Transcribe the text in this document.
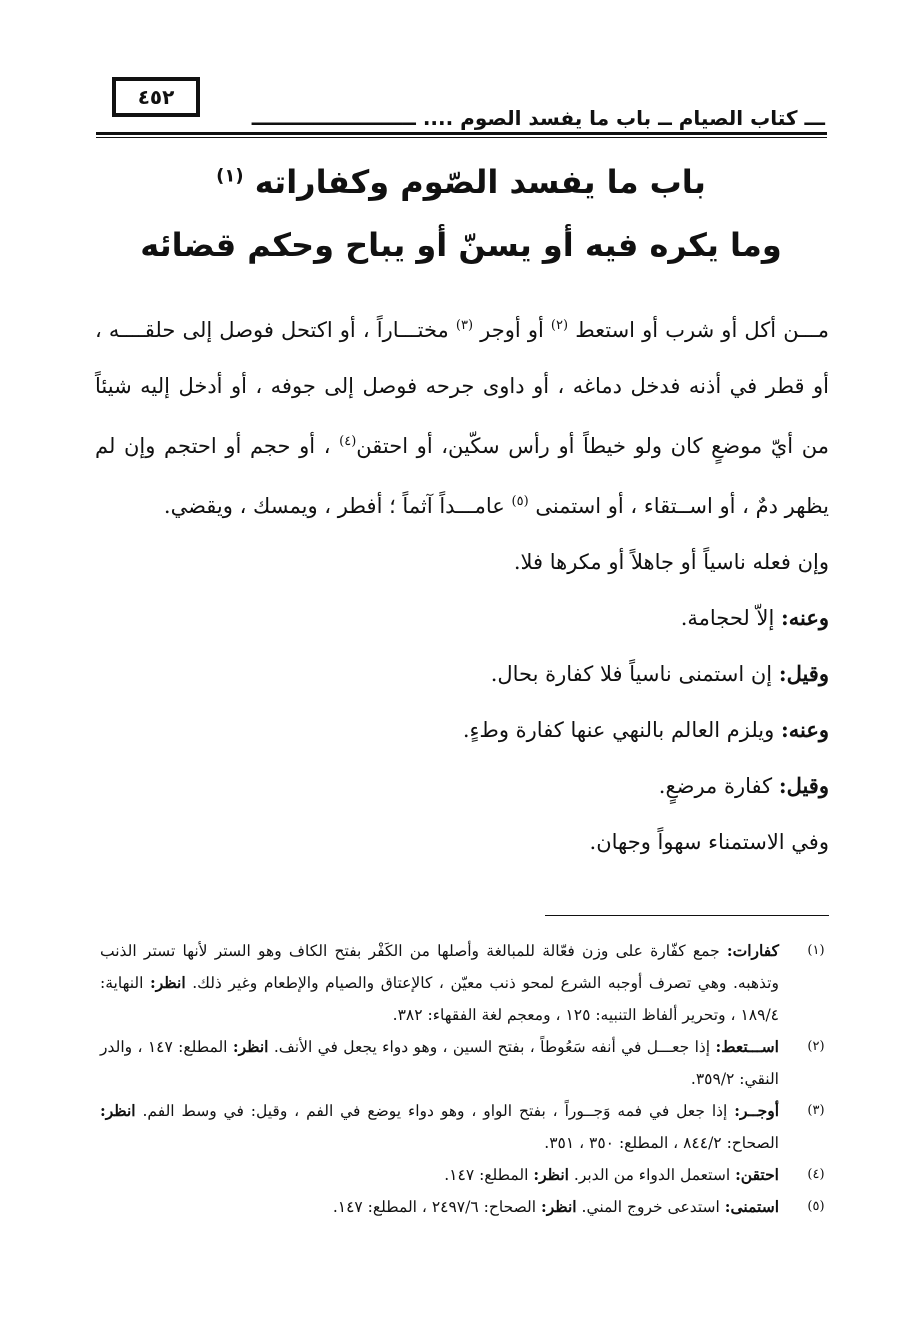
٤٥٢
ـــ كتاب الصيام ــ باب ما يفسد الصوم .... ــــــــــــــــــــــــ
باب ما يفسد الصّوم وكفاراته $^{(١)}$
وما يكره فيه أو يسنّ أو يباح وحكم قضائه

مـــن أكل أو شرب أو استعط $^{(٢)}$ أو أوجر $^{(٣)}$ مختـــاراً ، أو اكتحل فوصل إلى حلقــــه ، أو قطر في أذنه فدخل دماغه ، أو داوى جرحه فوصل إلى جوفه ، أو أدخل إليه شيئاً من أيّ موضعٍ كان ولو خيطاً أو رأس سكّين، أو احتقن$^{(٤)}$ ، أو حجم أو احتجم وإن لم يظهر دمٌ ، أو اســتقاء ، أو استمنى $^{(٥)}$ عامـــداً آثماً ؛ أفطر ، ويمسك ، ويقضي.

وإن فعله ناسياً أو جاهلاً أو مكرها فلا.

وعنه: إلاّ لحجامة.

وقيل: إن استمنى ناسياً فلا كفارة بحال.

وعنه: ويلزم العالم بالنهي عنها كفارة وطءٍ.

وقيل: كفارة مرضعٍ.

وفي الاستمناء سهواً وجهان.

(١)
كفارات: جمع كفّارة على وزن فعّالة للمبالغة وأصلها من الكَفْر بفتح الكاف وهو الستر لأنها تستر الذنب وتذهبه. وهي تصرف أوجبه الشرع لمحو ذنب معيّن ، كالإعتاق والصيام والإطعام وغير ذلك. انظر: النهاية: ١٨٩/٤ ، وتحرير ألفاظ التنبيه: ١٢٥ ، ومعجم لغة الفقهاء: ٣٨٢.
(٢)
اســـتعط: إذا جعـــل في أنفه سَعُوطاً ، بفتح السين ، وهو دواء يجعل في الأنف. انظر: المطلع: ١٤٧ ، والدر النقي: ٣٥٩/٢.
(٣)
أوجــر: إذا جعل في فمه وَجــوراً ، بفتح الواو ، وهو دواء يوضع في الفم ، وقيل: في وسط الفم. انظر: الصحاح: ٨٤٤/٢ ، المطلع: ٣٥٠ ، ٣٥١.
(٤)
احتقن: استعمل الدواء من الدبر. انظر: المطلع: ١٤٧.
(٥)
استمنى: استدعى خروج المني. انظر: الصحاح: ٢٤٩٧/٦ ، المطلع: ١٤٧.
